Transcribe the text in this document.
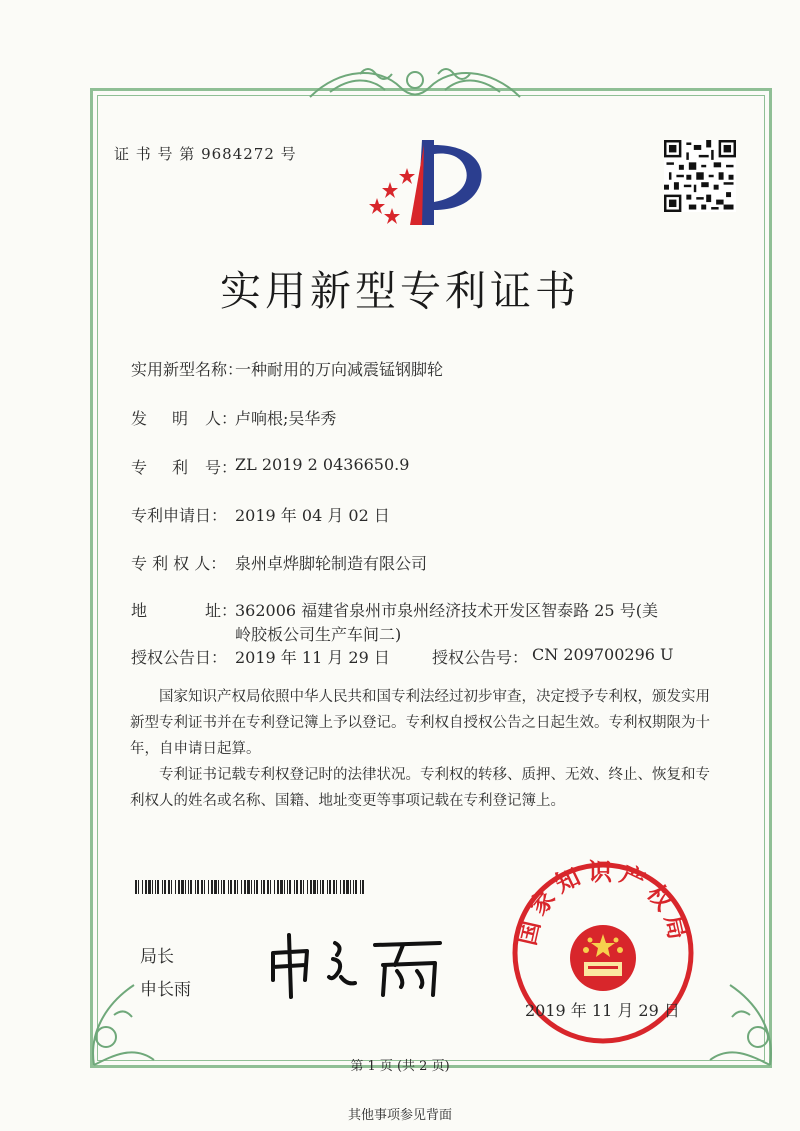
证 书 号 第 9684272 号
实用新型专利证书
实用新型名称：
一种耐用的万向减震锰钢脚轮
发 明 人：
卢响根;吴华秀
专 利 号：
ZL 2019 2 0436650.9
专利申请日： 2019 年 04 月 02 日
专 利 权 人： 泉州卓烨脚轮制造有限公司
地	址：
362006 福建省泉州市泉州经济技术开发区智泰路 25 号(美
岭胶板公司生产车间二)
授权公告日： 2019 年 11 月 29 日	授权公告号： CN 209700296 U

国家知识产权局依照中华人民共和国专利法经过初步审查，决定授予专利权，颁发实用新型专利证书并在专利登记簿上予以登记。专利权自授权公告之日起生效。专利权期限为十年，自申请日起算。

专利证书记载专利权登记时的法律状况。专利权的转移、质押、无效、终止、恢复和专利权人的姓名或名称、国籍、地址变更等事项记载在专利登记簿上。

局长
申长雨
国家知识产权局
2019 年 11 月 29 日
第 1 页 (共 2 页)
其他事项参见背面
